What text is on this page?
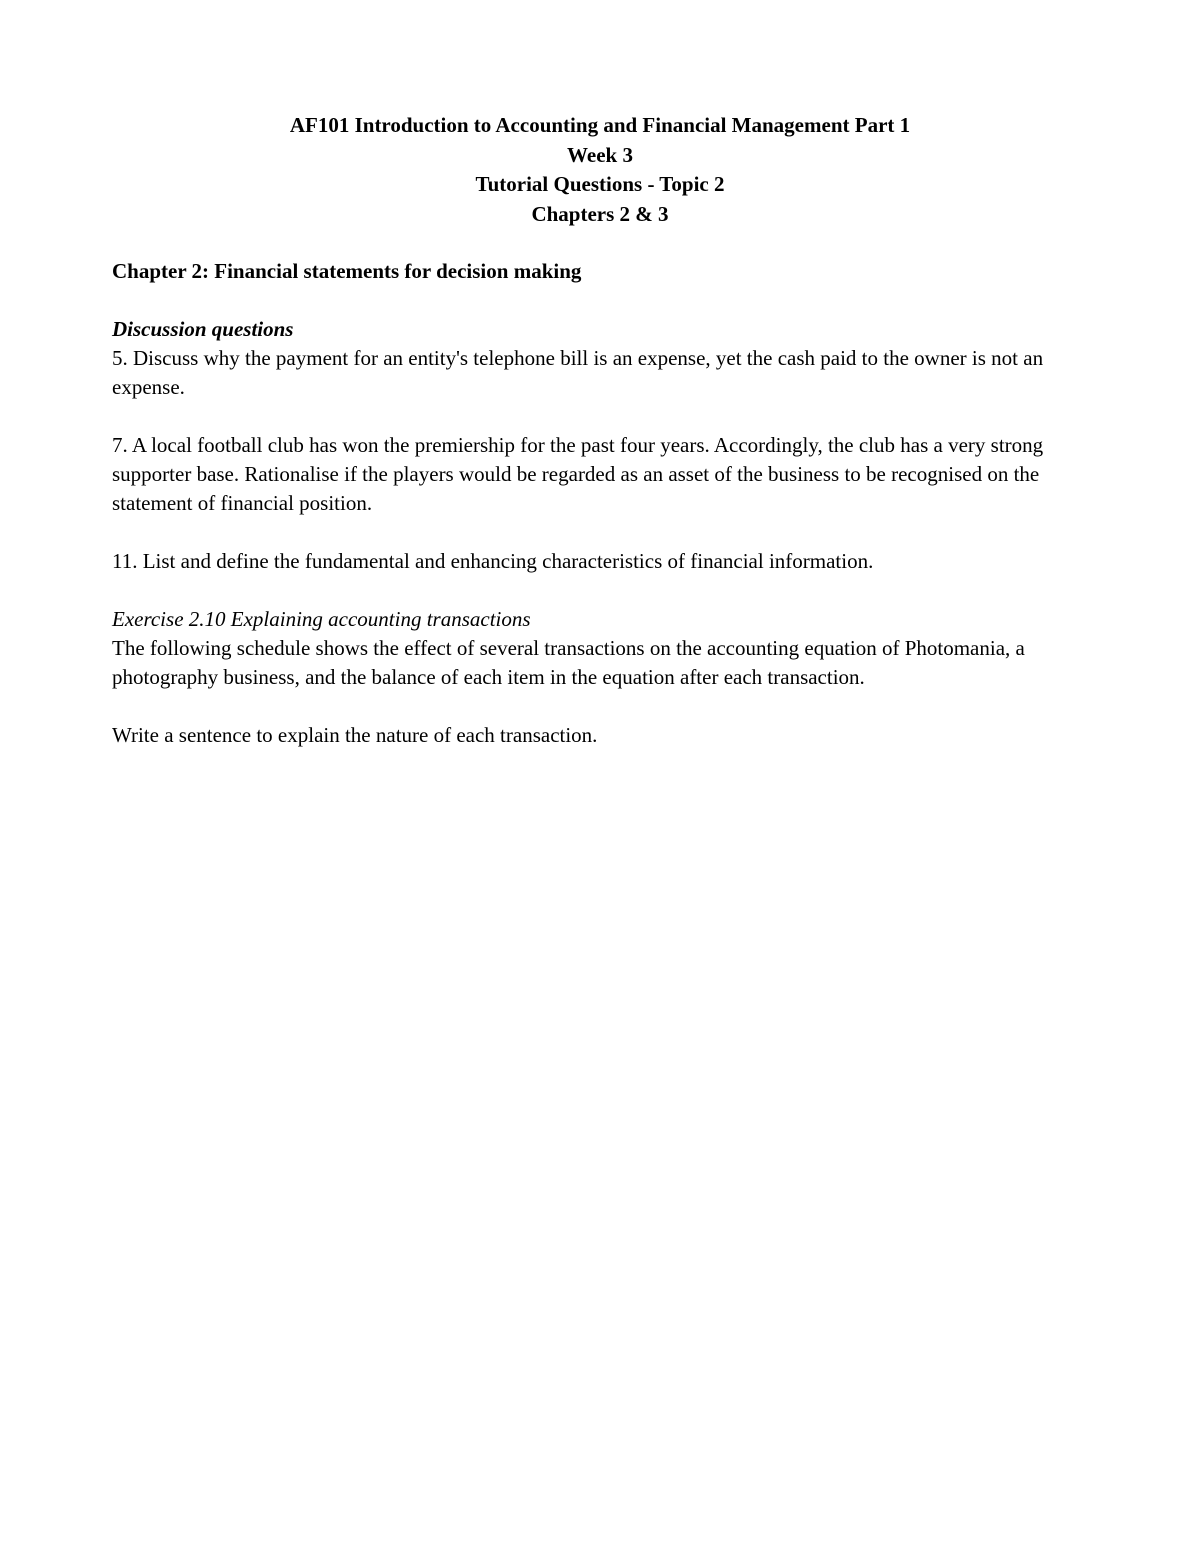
AF101 Introduction to Accounting and Financial Management Part 1
Week 3
Tutorial Questions - Topic 2
Chapters 2 & 3

Chapter 2: Financial statements for decision making

Discussion questions

5. Discuss why the payment for an entity's telephone bill is an expense, yet the cash paid to the owner is not an expense.

7. A local football club has won the premiership for the past four years. Accordingly, the club has a very strong supporter base. Rationalise if the players would be regarded as an asset of the business to be recognised on the statement of financial position.

11. List and define the fundamental and enhancing characteristics of financial information.

Exercise 2.10 Explaining accounting transactions

The following schedule shows the effect of several transactions on the accounting equation of Photomania, a photography business, and the balance of each item in the equation after each transaction.

Write a sentence to explain the nature of each transaction.
